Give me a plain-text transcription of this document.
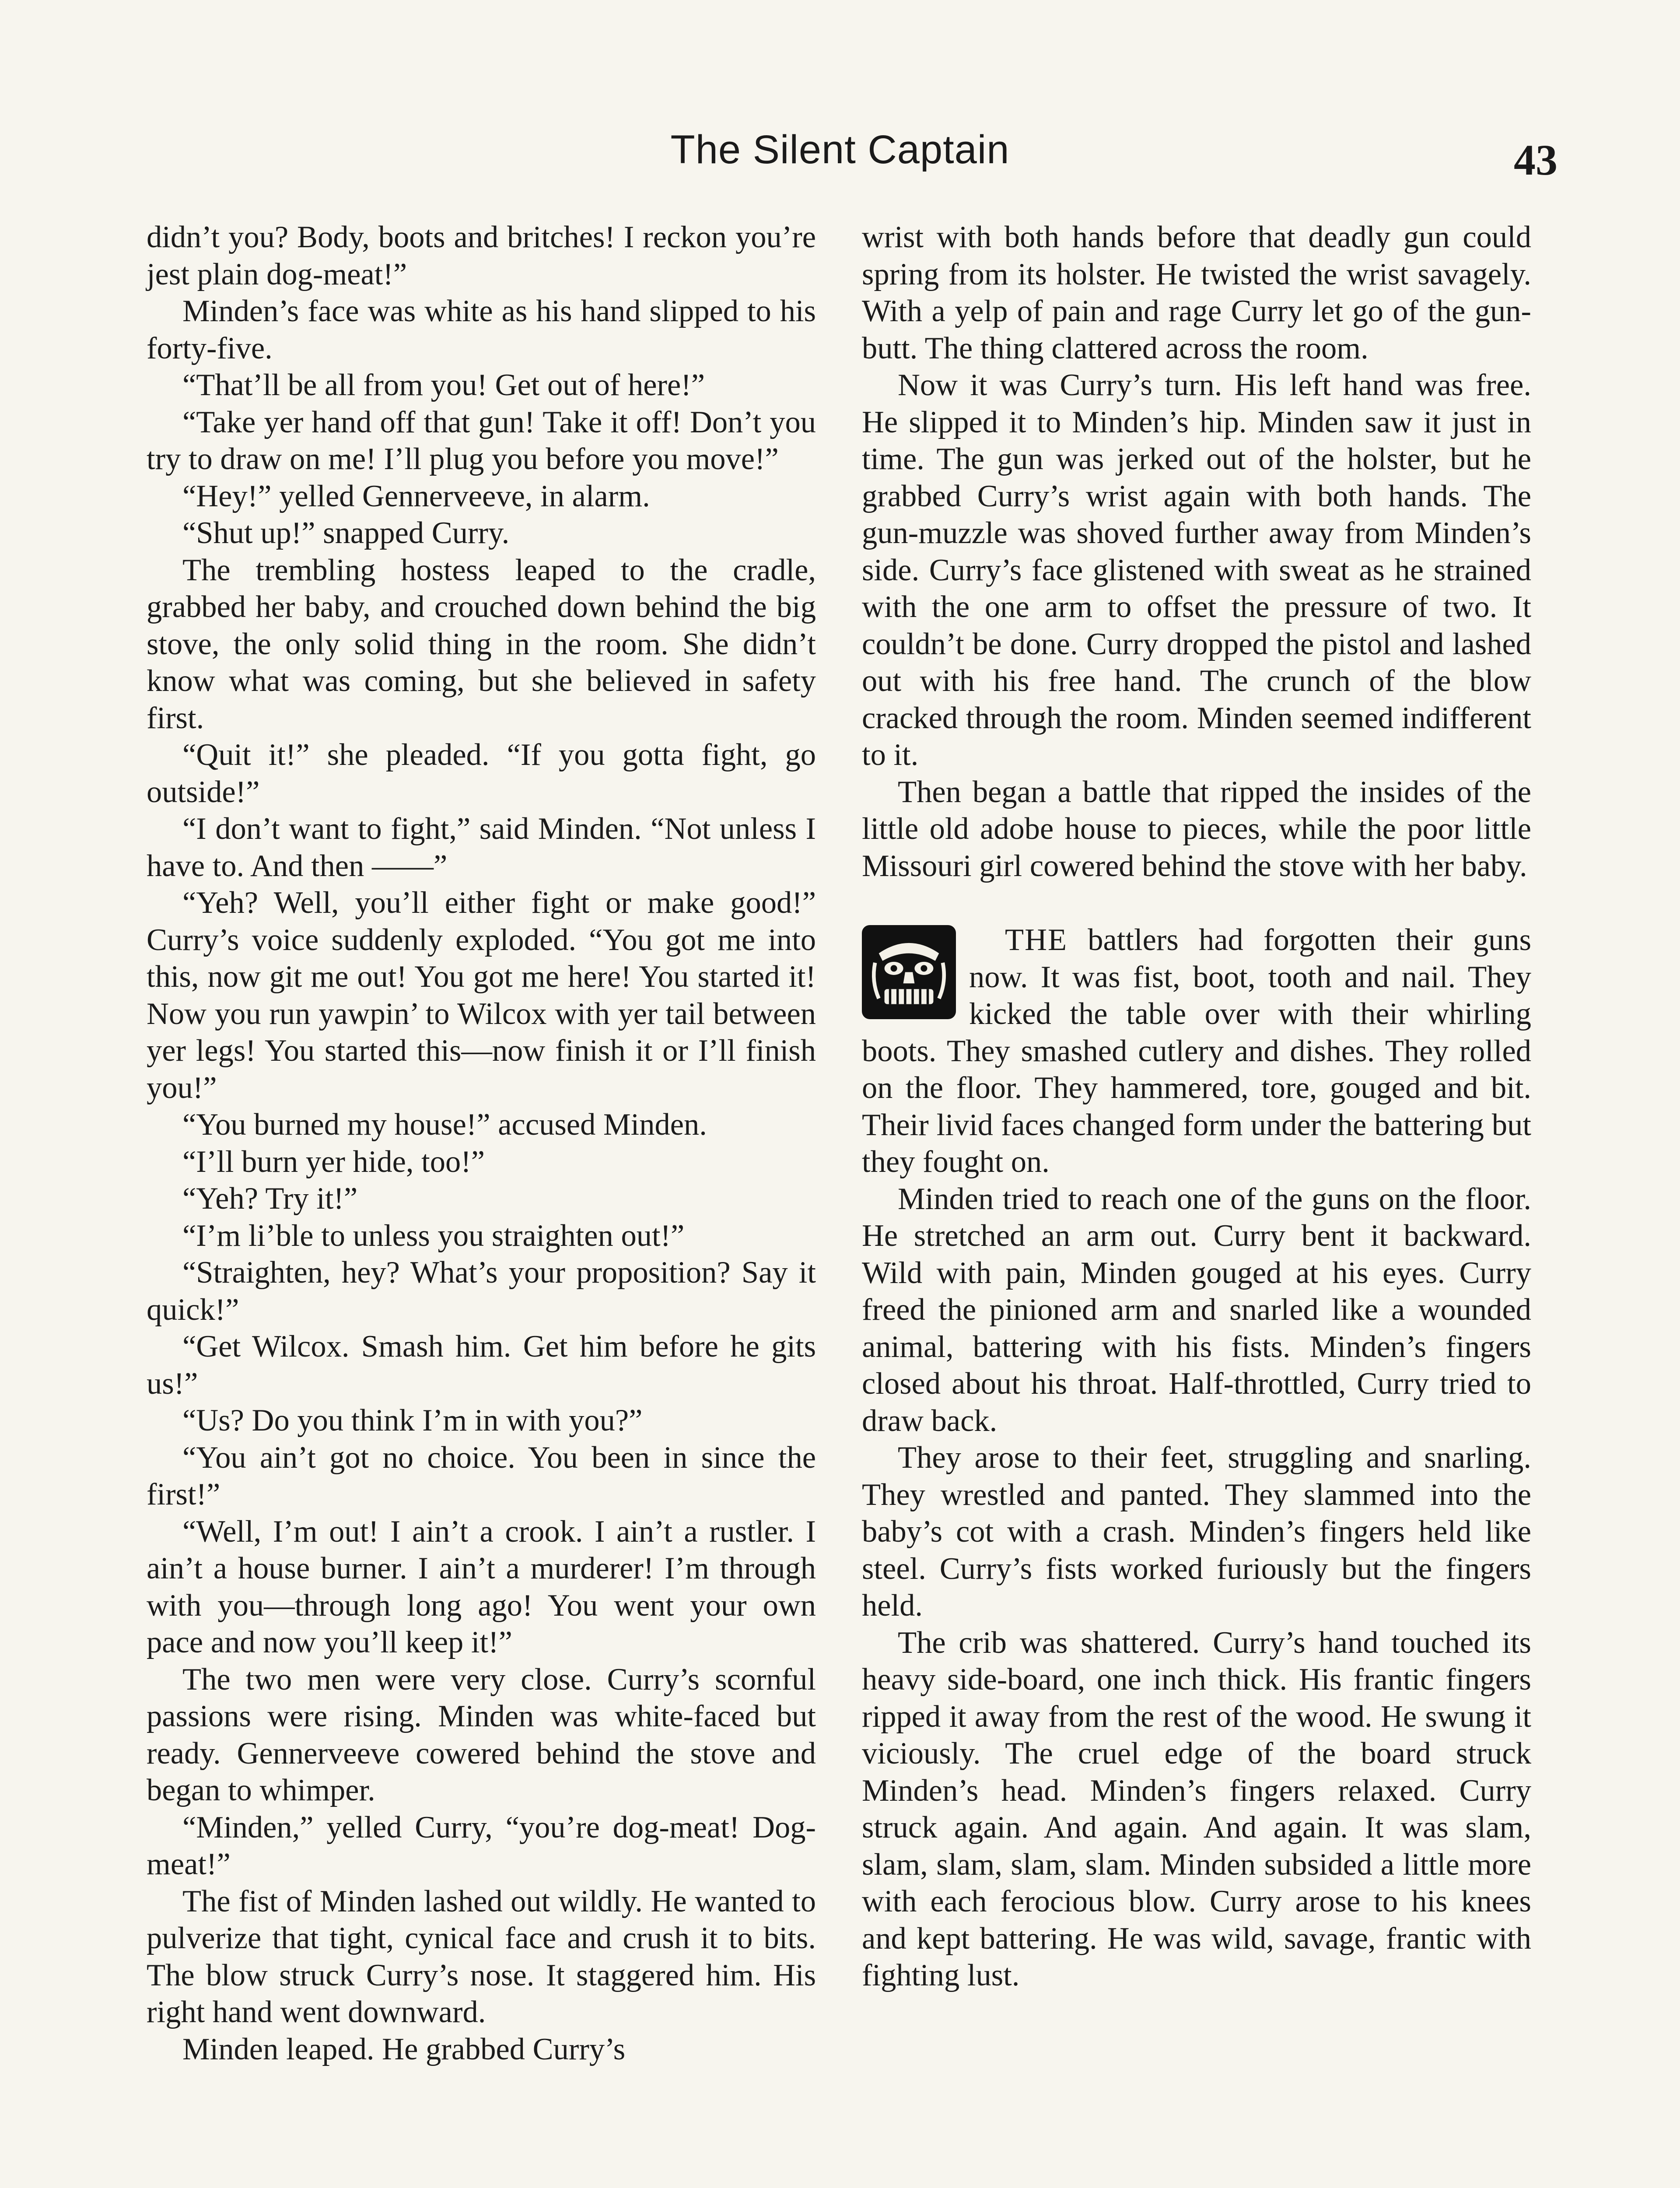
The Silent Captain	43

didn’t you? Body, boots and britches! I reckon you’re jest plain dog-meat!”

Minden’s face was white as his hand slipped to his forty-five.

“That’ll be all from you! Get out of here!”

“Take yer hand off that gun! Take it off! Don’t you try to draw on me! I’ll plug you before you move!”

“Hey!” yelled Gennerveeve, in alarm.

“Shut up!” snapped Curry.

The trembling hostess leaped to the cradle, grabbed her baby, and crouched down behind the big stove, the only solid thing in the room. She didn’t know what was coming, but she believed in safety first.

“Quit it!” she pleaded. “If you gotta fight, go outside!”

“I don’t want to fight,” said Minden. “Not unless I have to. And then ——”

“Yeh? Well, you’ll either fight or make good!” Curry’s voice suddenly exploded. “You got me into this, now git me out! You got me here! You started it! Now you run yawpin’ to Wilcox with yer tail between yer legs! You started this—now finish it or I’ll finish you!”

“You burned my house!” accused Minden.

“I’ll burn yer hide, too!”

“Yeh? Try it!”

“I’m li’ble to unless you straighten out!”

“Straighten, hey? What’s your proposition? Say it quick!”

“Get Wilcox. Smash him. Get him before he gits us!”

“Us? Do you think I’m in with you?”

“You ain’t got no choice. You been in since the first!”

“Well, I’m out! I ain’t a crook. I ain’t a rustler. I ain’t a house burner. I ain’t a murderer! I’m through with you—through long ago! You went your own pace and now you’ll keep it!”

The two men were very close. Curry’s scornful passions were rising. Minden was white-faced but ready. Gennerveeve cowered behind the stove and began to whimper.

“Minden,” yelled Curry, “you’re dog-meat! Dog-meat!”

The fist of Minden lashed out wildly. He wanted to pulverize that tight, cynical face and crush it to bits. The blow struck Curry’s nose. It staggered him. His right hand went downward.

Minden leaped. He grabbed Curry’s

wrist with both hands before that deadly gun could spring from its holster. He twisted the wrist savagely. With a yelp of pain and rage Curry let go of the gun-butt. The thing clattered across the room.

Now it was Curry’s turn. His left hand was free. He slipped it to Minden’s hip. Minden saw it just in time. The gun was jerked out of the holster, but he grabbed Curry’s wrist again with both hands. The gun-muzzle was shoved further away from Minden’s side. Curry’s face glistened with sweat as he strained with the one arm to offset the pressure of two. It couldn’t be done. Curry dropped the pistol and lashed out with his free hand. The crunch of the blow cracked through the room. Minden seemed indifferent to it.

Then began a battle that ripped the insides of the little old adobe house to pieces, while the poor little Missouri girl cowered behind the stove with her baby.

THE battlers had forgotten their guns now. It was fist, boot, tooth and nail. They kicked the table over with their whirling boots. They smashed cutlery and dishes. They rolled on the floor. They hammered, tore, gouged and bit. Their livid faces changed form under the battering but they fought on.

Minden tried to reach one of the guns on the floor. He stretched an arm out. Curry bent it backward. Wild with pain, Minden gouged at his eyes. Curry freed the pinioned arm and snarled like a wounded animal, battering with his fists. Minden’s fingers closed about his throat. Half-throttled, Curry tried to draw back.

They arose to their feet, struggling and snarling. They wrestled and panted. They slammed into the baby’s cot with a crash. Minden’s fingers held like steel. Curry’s fists worked furiously but the fingers held.

The crib was shattered. Curry’s hand touched its heavy side-board, one inch thick. His frantic fingers ripped it away from the rest of the wood. He swung it viciously. The cruel edge of the board struck Minden’s head. Minden’s fingers relaxed. Curry struck again. And again. And again. It was slam, slam, slam, slam, slam. Minden subsided a little more with each ferocious blow. Curry arose to his knees and kept battering. He was wild, savage, frantic with fighting lust.
